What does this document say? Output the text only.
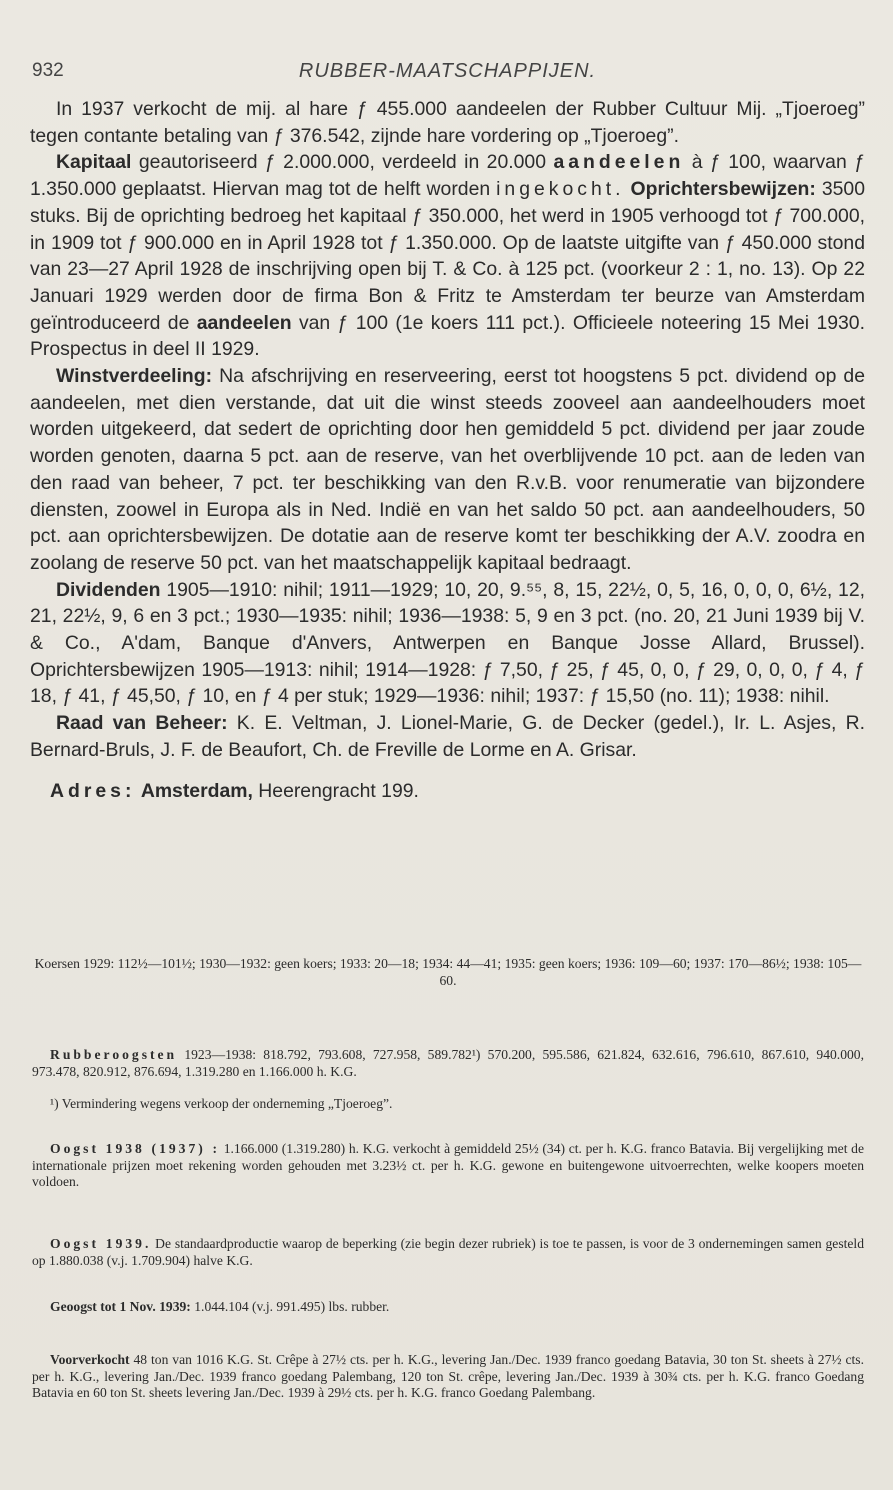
932	RUBBER-MAATSCHAPPIJEN.

In 1937 verkocht de mij. al hare ƒ 455.000 aandeelen der Rubber Cultuur Mij. „Tjoeroeg” tegen contante betaling van ƒ 376.542, zijnde hare vordering op „Tjoeroeg”.

Kapitaal geautoriseerd ƒ 2.000.000, verdeeld in 20.000 aandeelen à ƒ 100, waarvan ƒ 1.350.000 geplaatst. Hiervan mag tot de helft worden ingekocht. Oprichtersbewijzen: 3500 stuks. Bij de oprichting bedroeg het kapitaal ƒ 350.000, het werd in 1905 verhoogd tot ƒ 700.000, in 1909 tot ƒ 900.000 en in April 1928 tot ƒ 1.350.000. Op de laatste uitgifte van ƒ 450.000 stond van 23—27 April 1928 de inschrijving open bij T. & Co. à 125 pct. (voorkeur 2 : 1, no. 13). Op 22 Januari 1929 werden door de firma Bon & Fritz te Amsterdam ter beurze van Amsterdam geïntroduceerd de aandeelen van ƒ 100 (1e koers 111 pct.). Officieele noteering 15 Mei 1930. Prospectus in deel II 1929.

Winstverdeeling: Na afschrijving en reserveering, eerst tot hoogstens 5 pct. dividend op de aandeelen, met dien verstande, dat uit die winst steeds zooveel aan aandeelhouders moet worden uitgekeerd, dat sedert de oprichting door hen gemiddeld 5 pct. dividend per jaar zoude worden genoten, daarna 5 pct. aan de reserve, van het overblijvende 10 pct. aan de leden van den raad van beheer, 7 pct. ter beschikking van den R.v.B. voor renumeratie van bijzondere diensten, zoowel in Europa als in Ned. Indië en van het saldo 50 pct. aan aandeelhouders, 50 pct. aan oprichtersbewijzen. De dotatie aan de reserve komt ter beschikking der A.V. zoodra en zoolang de reserve 50 pct. van het maatschappelijk kapitaal bedraagt.

Dividenden 1905—1910: nihil; 1911—1929; 10, 20, 9.⁵⁵, 8, 15, 22½, 0, 5, 16, 0, 0, 0, 6½, 12, 21, 22½, 9, 6 en 3 pct.; 1930—1935: nihil; 1936—1938: 5, 9 en 3 pct. (no. 20, 21 Juni 1939 bij V. & Co., A'dam, Banque d'Anvers, Antwerpen en Banque Josse Allard, Brussel). Oprichtersbewijzen 1905—1913: nihil; 1914—1928: ƒ 7,50, ƒ 25, ƒ 45, 0, 0, ƒ 29, 0, 0, 0, ƒ 4, ƒ 18, ƒ 41, ƒ 45,50, ƒ 10, en ƒ 4 per stuk; 1929—1936: nihil; 1937: ƒ 15,50 (no. 11); 1938: nihil.

Raad van Beheer: K. E. Veltman, J. Lionel-Marie, G. de Decker (gedel.), Ir. L. Asjes, R. Bernard-Bruls, J. F. de Beaufort, Ch. de Freville de Lorme en A. Grisar.

Adres: Amsterdam, Heerengracht 199.

Koersen 1929: 112½—101½; 1930—1932: geen koers; 1933: 20—18; 1934: 44—41; 1935: geen koers; 1936: 109—60; 1937: 170—86½; 1938: 105—60.

Rubberoogsten 1923—1938: 818.792, 793.608, 727.958, 589.782¹) 570.200, 595.586, 621.824, 632.616, 796.610, 867.610, 940.000, 973.478, 820.912, 876.694, 1.319.280 en 1.166.000 h. K.G.

¹) Vermindering wegens verkoop der onderneming „Tjoeroeg”.

Oogst 1938 (1937) : 1.166.000 (1.319.280) h. K.G. verkocht à gemiddeld 25½ (34) ct. per h. K.G. franco Batavia. Bij vergelijking met de internationale prijzen moet rekening worden gehouden met 3.23½ ct. per h. K.G. gewone en buitengewone uitvoerrechten, welke koopers moeten voldoen.

Oogst 1939. De standaardproductie waarop de beperking (zie begin dezer rubriek) is toe te passen, is voor de 3 ondernemingen samen gesteld op 1.880.038 (v.j. 1.709.904) halve K.G.

Geoogst tot 1 Nov. 1939: 1.044.104 (v.j. 991.495) lbs. rubber.

Voorverkocht 48 ton van 1016 K.G. St. Crêpe à 27½ cts. per h. K.G., levering Jan./Dec. 1939 franco goedang Batavia, 30 ton St. sheets à 27½ cts. per h. K.G., levering Jan./Dec. 1939 franco goedang Palembang, 120 ton St. crêpe, levering Jan./Dec. 1939 à 30¾ cts. per h. K.G. franco Goedang Batavia en 60 ton St. sheets levering Jan./Dec. 1939 à 29½ cts. per h. K.G. franco Goedang Palembang.
